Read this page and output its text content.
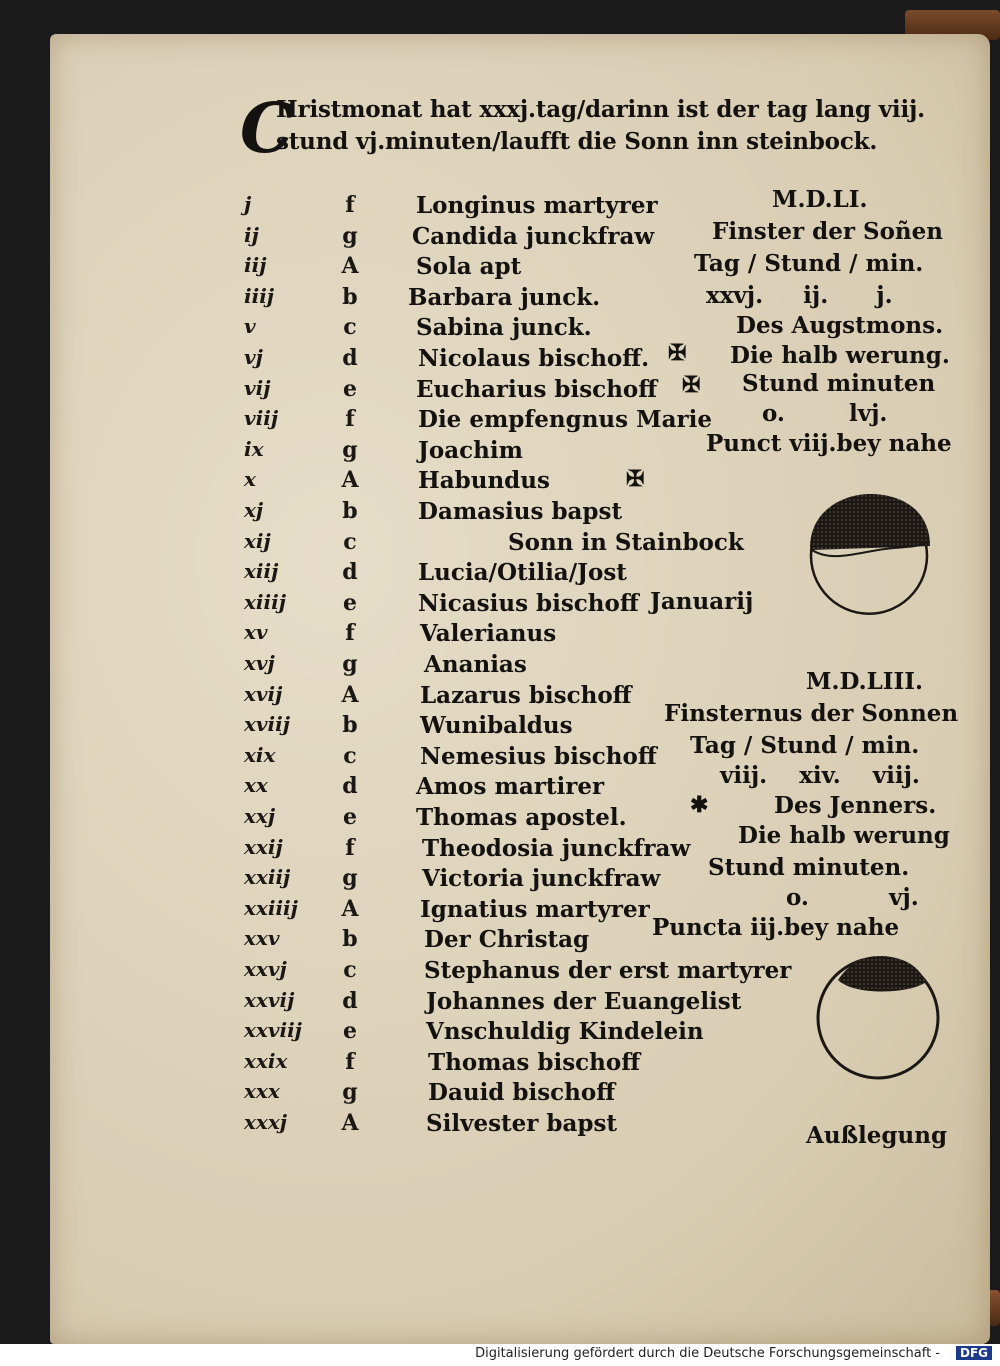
C
Hristmonat hat xxxj.tag/darinn ist der tag lang viij.
stund vj.minuten/laufft die Sonn inn steinbock.
j	f	Longinus martyrer
ij	g	Candida junckfraw
iij	A	Sola apt
iiij	b	Barbara junck.
v	c	Sabina junck.
vj	d	Nicolaus bischoff.
vij	e	Eucharius bischoff
viij	f	Die empfengnus Marie
ix	g	Joachim
x	A	Habundus
xj	b	Damasius bapst
xij	c	Sonn in Stainbock
xiij	d	Lucia/Otilia/Jost
xiiij	e	Nicasius bischoff
xv	f	Valerianus
xvj	g	Ananias
xvij	A	Lazarus bischoff
xviij	b	Wunibaldus
xix	c	Nemesius bischoff
xx	d	Amos martirer
xxj	e	Thomas apostel.
xxij	f	Theodosia junckfraw
xxiij	g	Victoria junckfraw
xxiiij	A	Ignatius martyrer
xxv	b	Der Christag
xxvj	c	Stephanus der erst martyrer
xxvij	d	Johannes der Euangelist
xxviij	e	Vnschuldig Kindelein
xxix	f	Thomas bischoff
xxx	g	Dauid bischoff
xxxj	A	Silvester bapst
✠
✠
✠
✱
M.D.LI.
Finster der Soñen
Tag / Stund / min.
xxvj.     ij.      j.
Des Augstmons.
Die halb werung.
Stund minuten
o.        lvj.
Punct viij.bey nahe
Januarij
M.D.LIII.
Finsternus der Sonnen
Tag / Stund / min.
viij.    xiv.    viij.
Des Jenners.
Die halb werung
Stund minuten.
o.          vj.
Puncta iij.bey nahe
Außlegung
Digitalisierung gefördert durch die Deutsche Forschungsgemeinschaft -	DFG
